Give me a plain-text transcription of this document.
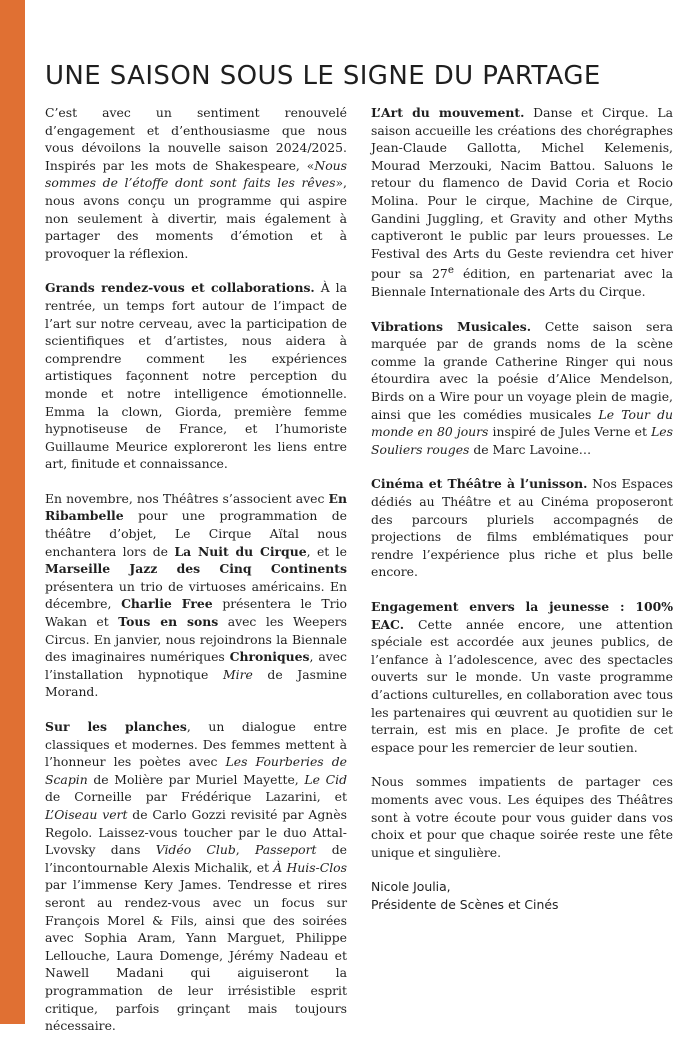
UNE SAISON SOUS LE SIGNE DU PARTAGE

C’est avec un sentiment renouvelé d’engagement et d’enthousiasme que nous vous dévoilons la nouvelle saison 2024/2025. Inspirés par les mots de Shakespeare, «Nous sommes de l’étoffe dont sont faits les rêves», nous avons conçu un programme qui aspire non seulement à divertir, mais également à partager des moments d’émotion et à provoquer la réflexion.

Grands rendez-vous et collaborations. À la rentrée, un temps fort autour de l’impact de l’art sur notre cerveau, avec la participation de scientifiques et d’artistes, nous aidera à comprendre comment les expériences artistiques façonnent notre perception du monde et notre intelligence émotionnelle. Emma la clown, Giorda, première femme hypnotiseuse de France, et l’humoriste Guillaume Meurice exploreront les liens entre art, finitude et connaissance.

En novembre, nos Théâtres s’associent avec En Ribambelle pour une programmation de théâtre d’objet, Le Cirque Aïtal nous enchantera lors de La Nuit du Cirque, et le Marseille Jazz des Cinq Continents présentera un trio de virtuoses américains. En décembre, Charlie Free présentera le Trio Wakan et Tous en sons avec les Weepers Circus. En janvier, nous rejoindrons la Biennale des imaginaires numériques Chroniques, avec l’installation hypnotique Mire de Jasmine Morand.

Sur les planches, un dialogue entre classiques et modernes. Des femmes mettent à l’honneur les poètes avec Les Fourberies de Scapin de Molière par Muriel Mayette, Le Cid de Corneille par Frédérique Lazarini, et L’Oiseau vert de Carlo Gozzi revisité par Agnès Regolo. Laissez-vous toucher par le duo Attal-Lvovsky dans Vidéo Club, Passeport de l’incontournable Alexis Michalik, et À Huis-Clos par l’immense Kery James. Tendresse et rires seront au rendez-vous avec un focus sur François Morel & Fils, ainsi que des soirées avec Sophia Aram, Yann Marguet, Philippe Lellouche, Laura Domenge, Jérémy Nadeau et Nawell Madani qui aiguiseront la programmation de leur irrésistible esprit critique, parfois grinçant mais toujours nécessaire.

L’Art du mouvement. Danse et Cirque. La saison accueille les créations des chorégraphes Jean-Claude Gallotta, Michel Kelemenis, Mourad Merzouki, Nacim Battou. Saluons le retour du flamenco de David Coria et Rocio Molina. Pour le cirque, Machine de Cirque, Gandini Juggling, et Gravity and other Myths captiveront le public par leurs prouesses. Le Festival des Arts du Geste reviendra cet hiver pour sa 27e édition, en partenariat avec la Biennale Internationale des Arts du Cirque.

Vibrations Musicales. Cette saison sera marquée par de grands noms de la scène comme la grande Catherine Ringer qui nous étourdira avec la poésie d’Alice Mendelson, Birds on a Wire pour un voyage plein de magie, ainsi que les comédies musicales Le Tour du monde en 80 jours inspiré de Jules Verne et Les Souliers rouges de Marc Lavoine…

Cinéma et Théâtre à l’unisson. Nos Espaces dédiés au Théâtre et au Cinéma proposeront des parcours pluriels accompagnés de projections de films emblématiques pour rendre l’expérience plus riche et plus belle encore.

Engagement envers la jeunesse : 100% EAC. Cette année encore, une attention spéciale est accordée aux jeunes publics, de l’enfance à l’adolescence, avec des spectacles ouverts sur le monde. Un vaste programme d’actions culturelles, en collaboration avec tous les partenaires qui œuvrent au quotidien sur le terrain, est mis en place. Je profite de cet espace pour les remercier de leur soutien.

Nous sommes impatients de partager ces moments avec vous. Les équipes des Théâtres sont à votre écoute pour vous guider dans vos choix et pour que chaque soirée reste une fête unique et singulière.

Nicole Joulia,
Présidente de Scènes et Cinés
